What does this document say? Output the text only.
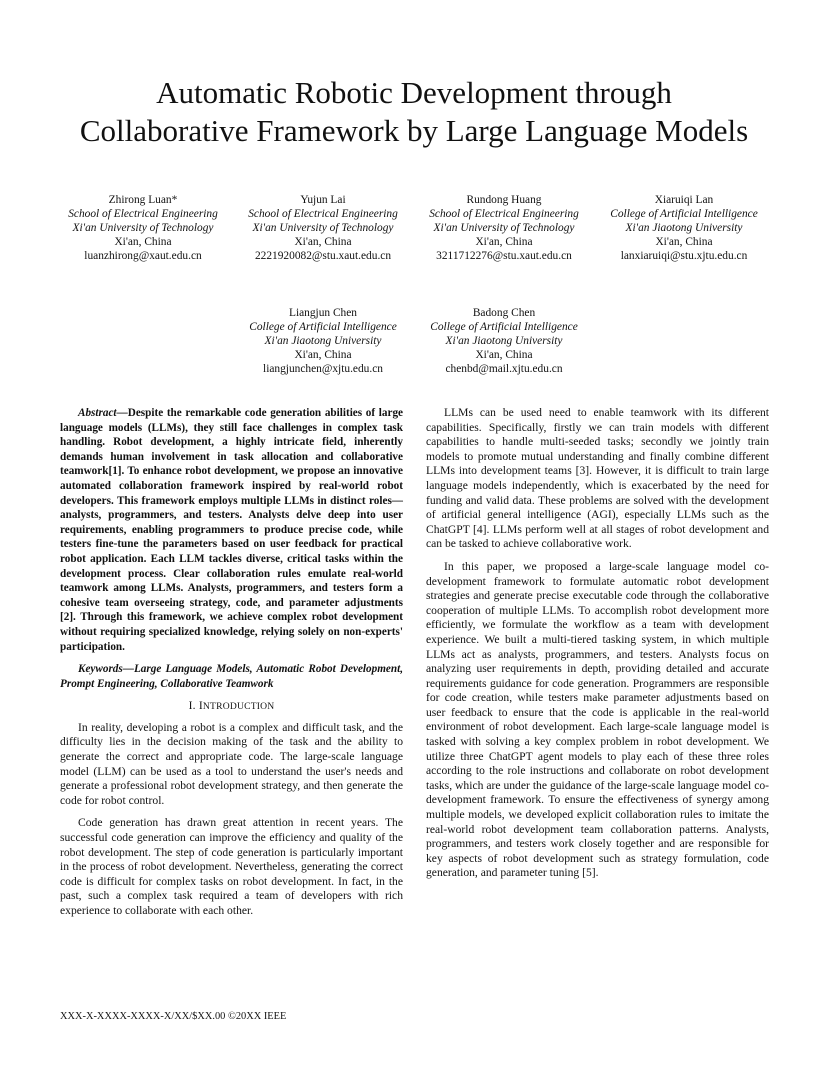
Automatic Robotic Development through
Collaborative Framework by Large Language Models
Zhirong Luan*
School of Electrical Engineering
Xi'an University of Technology
Xi'an, China
luanzhirong@xaut.edu.cn
Yujun Lai
School of Electrical Engineering
Xi'an University of Technology
Xi'an, China
2221920082@stu.xaut.edu.cn
Rundong Huang
School of Electrical Engineering
Xi'an University of Technology
Xi'an, China
3211712276@stu.xaut.edu.cn
Xiaruiqi Lan
College of Artificial Intelligence
Xi'an Jiaotong University
Xi'an, China
lanxiaruiqi@stu.xjtu.edu.cn
Liangjun Chen
College of Artificial Intelligence
Xi'an Jiaotong University
Xi'an, China
liangjunchen@xjtu.edu.cn
Badong Chen
College of Artificial Intelligence
Xi'an Jiaotong University
Xi'an, China
chenbd@mail.xjtu.edu.cn

Abstract—Despite the remarkable code generation abilities of large language models (LLMs), they still face challenges in complex task handling. Robot development, a highly intricate field, inherently demands human involvement in task allocation and collaborative teamwork[1]. To enhance robot development, we propose an innovative automated collaboration framework inspired by real-world robot developers. This framework employs multiple LLMs in distinct roles—analysts, programmers, and testers. Analysts delve deep into user requirements, enabling programmers to produce precise code, while testers fine-tune the parameters based on user feedback for practical robot application. Each LLM tackles diverse, critical tasks within the development process. Clear collaboration rules emulate real-world teamwork among LLMs. Analysts, programmers, and testers form a cohesive team overseeing strategy, code, and parameter adjustments [2]. Through this framework, we achieve complex robot development without requiring specialized knowledge, relying solely on non-experts' participation.

Keywords—Large Language Models, Automatic Robot Development, Prompt Engineering, Collaborative Teamwork

I. INTRODUCTION

In reality, developing a robot is a complex and difficult task, and the difficulty lies in the decision making of the task and the ability to generate the correct and appropriate code. The large-scale language model (LLM) can be used as a tool to understand the user's needs and generate a professional robot development strategy, and then generate the code for robot control.

Code generation has drawn great attention in recent years. The successful code generation can improve the efficiency and quality of the robot development. The step of code generation is particularly important in the process of robot development. Nevertheless, generating the correct code is difficult for complex tasks on robot development. In fact, in the past, such a complex task required a team of developers with rich experience to collaborate with each other.

LLMs can be used need to enable teamwork with its different capabilities. Specifically, firstly we can train models with different capabilities to handle multi-seeded tasks; secondly we jointly train models to promote mutual understanding and finally combine different LLMs into development teams [3]. However, it is difficult to train large language models independently, which is exacerbated by the need for funding and valid data. These problems are solved with the development of artificial general intelligence (AGI), especially LLMs such as the ChatGPT [4]. LLMs perform well at all stages of robot development and can be tasked to achieve collaborative work.

In this paper, we proposed a large-scale language model co-development framework to formulate automatic robot development strategies and generate precise executable code through the collaborative cooperation of multiple LLMs. To accomplish robot development more efficiently, we formulate the workflow as a team with development experience. We built a multi-tiered tasking system, in which multiple LLMs act as analysts, programmers, and testers. Analysts focus on analyzing user requirements in depth, providing detailed and accurate requirements guidance for code generation. Programmers are responsible for code creation, while testers make parameter adjustments based on user feedback to ensure that the code is applicable in the real-world environment of robot development. Each large-scale language model is tasked with solving a key complex problem in robot development. We utilize three ChatGPT agent models to play each of these three roles according to the role instructions and collaborate on robot development tasks, which are under the guidance of the large-scale language model co-development framework. To ensure the effectiveness of synergy among multiple models, we developed explicit collaboration rules to imitate the real-world robot development team collaboration patterns. Analysts, programmers, and testers work closely together and are responsible for key aspects of robot development such as strategy formulation, code generation, and parameter tuning [5].

XXX-X-XXXX-XXXX-X/XX/$XX.00 ©20XX IEEE
